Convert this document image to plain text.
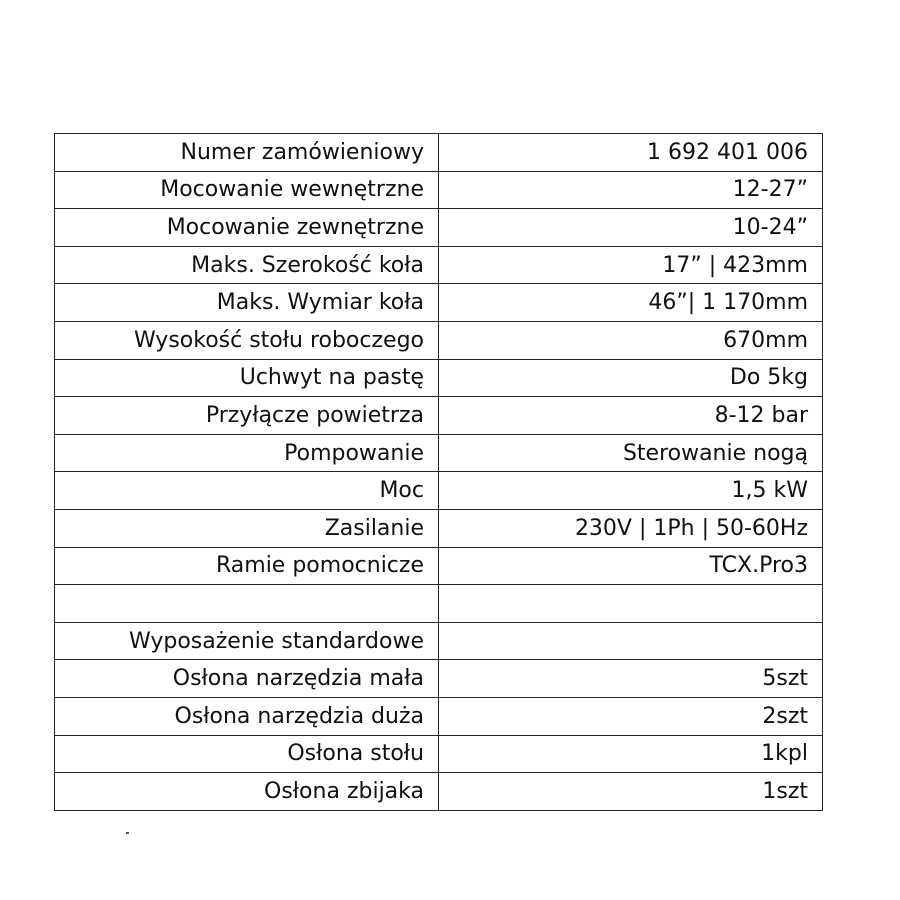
Numer zamówieniowy	1 692 401 006
Mocowanie wewnętrzne	12-27”
Mocowanie zewnętrzne	10-24”
Maks. Szerokość koła	17” | 423mm
Maks. Wymiar koła	46”| 1 170mm
Wysokość stołu roboczego	670mm
Uchwyt na pastę	Do 5kg
Przyłącze powietrza	8-12 bar
Pompowanie	Sterowanie nogą
Moc	1,5 kW
Zasilanie	230V | 1Ph | 50-60Hz
Ramie pomocnicze	TCX.Pro3

Wyposażenie standardowe	
Osłona narzędzia mała	5szt
Osłona narzędzia duża	2szt
Osłona stołu	1kpl
Osłona zbijaka	1szt
